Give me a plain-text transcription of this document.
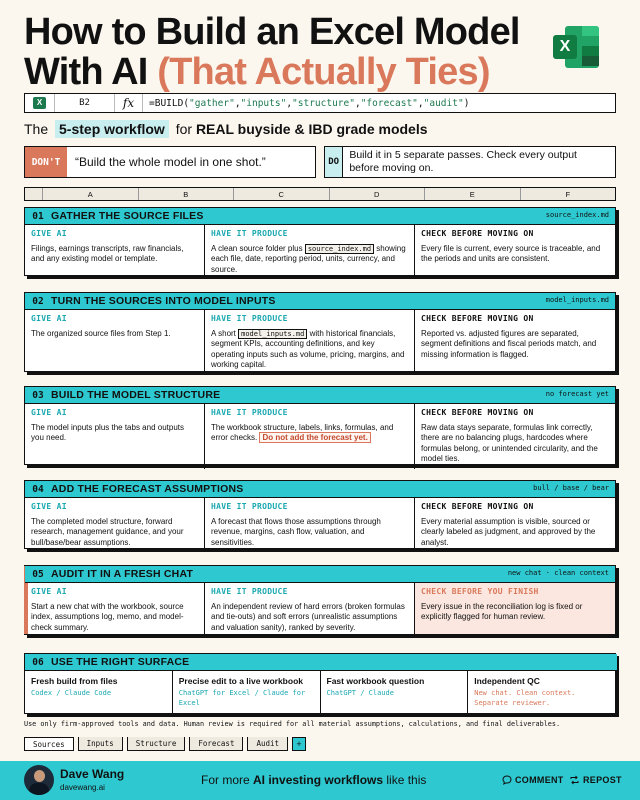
How to Build an Excel Model
With AI (That Actually Ties)
X
X	B2	fx	=BUILD("gather","inputs","structure","forecast","audit")
The 5-step workflow for REAL buyside & IBD grade models
DON'T	“Build the whole model in one shot.”	DO
Build it in 5 separate passes. Check every output before moving on.
A	B	C	D	E	F
01 GATHER THE SOURCE FILES	source_index.md
GIVE AI
Filings, earnings transcripts, raw financials, and any existing model or template.
HAVE IT PRODUCE
A clean source folder plus source_index.md showing each file, date, reporting period, units, currency, and source.
CHECK BEFORE MOVING ON
Every file is current, every source is traceable, and the periods and units are consistent.
02 TURN THE SOURCES INTO MODEL INPUTS	model_inputs.md
GIVE AI
The organized source files from Step 1.
HAVE IT PRODUCE
A short model_inputs.md with historical financials, segment KPIs, accounting definitions, and key operating inputs such as volume, pricing, margins, and working capital.
CHECK BEFORE MOVING ON
Reported vs. adjusted figures are separated, segment definitions and fiscal periods match, and missing information is flagged.
03 BUILD THE MODEL STRUCTURE	no forecast yet
GIVE AI
The model inputs plus the tabs and outputs you need.
HAVE IT PRODUCE
The workbook structure, labels, links, formulas, and error checks. Do not add the forecast yet.
CHECK BEFORE MOVING ON
Raw data stays separate, formulas link correctly, there are no balancing plugs, hardcodes where formulas belong, or unintended circularity, and the model ties.
04 ADD THE FORECAST ASSUMPTIONS	bull / base / bear
GIVE AI
The completed model structure, forward research, management guidance, and your bull/base/bear assumptions.
HAVE IT PRODUCE
A forecast that flows those assumptions through revenue, margins, cash flow, valuation, and sensitivities.
CHECK BEFORE MOVING ON
Every material assumption is visible, sourced or clearly labeled as judgment, and approved by the analyst.
05 AUDIT IT IN A FRESH CHAT	new chat · clean context
GIVE AI
Start a new chat with the workbook, source index, assumptions log, memo, and model-check summary.
HAVE IT PRODUCE
An independent review of hard errors (broken formulas and tie-outs) and soft errors (unrealistic assumptions and valuation sanity), ranked by severity.
CHECK BEFORE YOU FINISH
Every issue in the reconciliation log is fixed or explicitly flagged for human review.
06 USE THE RIGHT SURFACE
Fresh build from files
Codex / Claude Code
Precise edit to a live workbook
ChatGPT for Excel / Claude for Excel
Fast workbook question
ChatGPT / Claude
Independent QC
New chat. Clean context. Separate reviewer.
Use only firm-approved tools and data. Human review is required for all material assumptions, calculations, and final deliverables.
Sources	Inputs	Structure	Forecast	Audit	+
Dave Wang
davewang.ai
For more AI investing workflows like this	COMMENT REPOST
